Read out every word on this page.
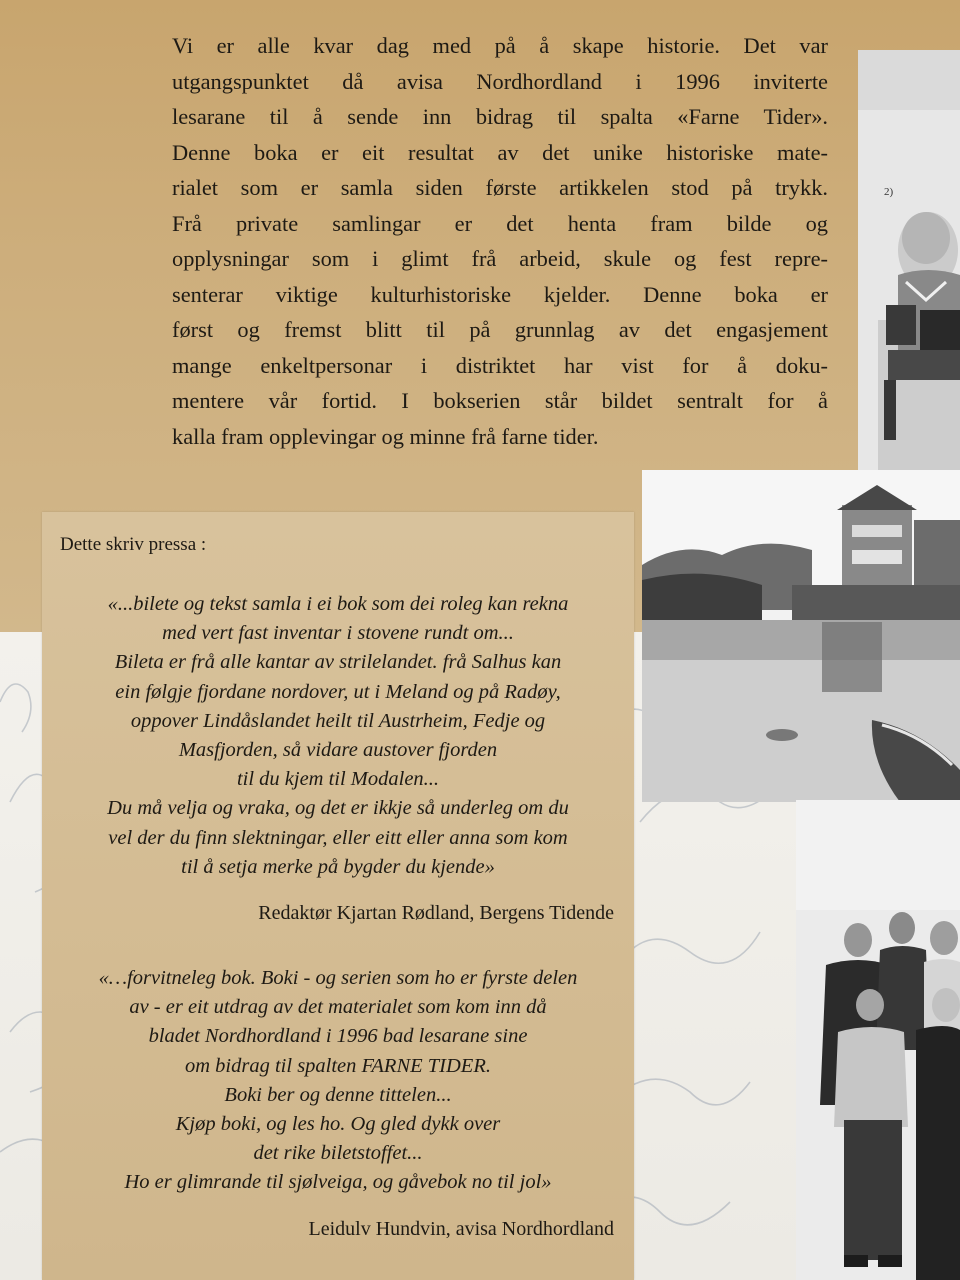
2)

Vi er alle kvar dag med på å skape historie. Det var
utgangspunktet då avisa Nordhordland i 1996 inviterte
lesarane til å sende inn bidrag til spalta «Farne Tider».
Denne boka er eit resultat av det unike historiske mate-
rialet som er samla siden første artikkelen stod på trykk.
Frå private samlingar er det henta fram bilde og
opplysningar som i glimt frå arbeid, skule og fest repre-
senterar viktige kulturhistoriske kjelder. Denne boka er
først og fremst blitt til på grunnlag av det engasjement
mange enkeltpersonar i distriktet har vist for å doku-
mentere vår fortid. I bokserien står bildet sentralt for å
kalla fram opplevingar og minne frå farne tider.

Dette skriv pressa :

«...bilete og tekst samla i ei bok som dei roleg kan rekna
med vert fast inventar i stovene rundt om...
Bileta er frå alle kantar av strilelandet. frå Salhus kan
ein følgje fjordane nordover, ut i Meland og på Radøy,
oppover Lindåslandet heilt til Austrheim, Fedje og
Masfjorden, så vidare austover fjorden
til du kjem til Modalen...
Du må velja og vraka, og det er ikkje så underleg om du
vel der du finn slektningar, eller eitt eller anna som kom
til å setja merke på bygder du kjende»
Redaktør Kjartan Rødland, Bergens Tidende
«…forvitneleg bok. Boki - og serien som ho er fyrste delen
av - er eit utdrag av det materialet som kom inn då
bladet Nordhordland i 1996 bad lesarane sine
om bidrag til spalten FARNE TIDER.
Boki ber og denne tittelen...
Kjøp boki, og les ho. Og gled dykk over
det rike biletstoffet...
Ho er glimrande til sjølveiga, og gåvebok no til jol»
Leidulv Hundvin, avisa Nordhordland
